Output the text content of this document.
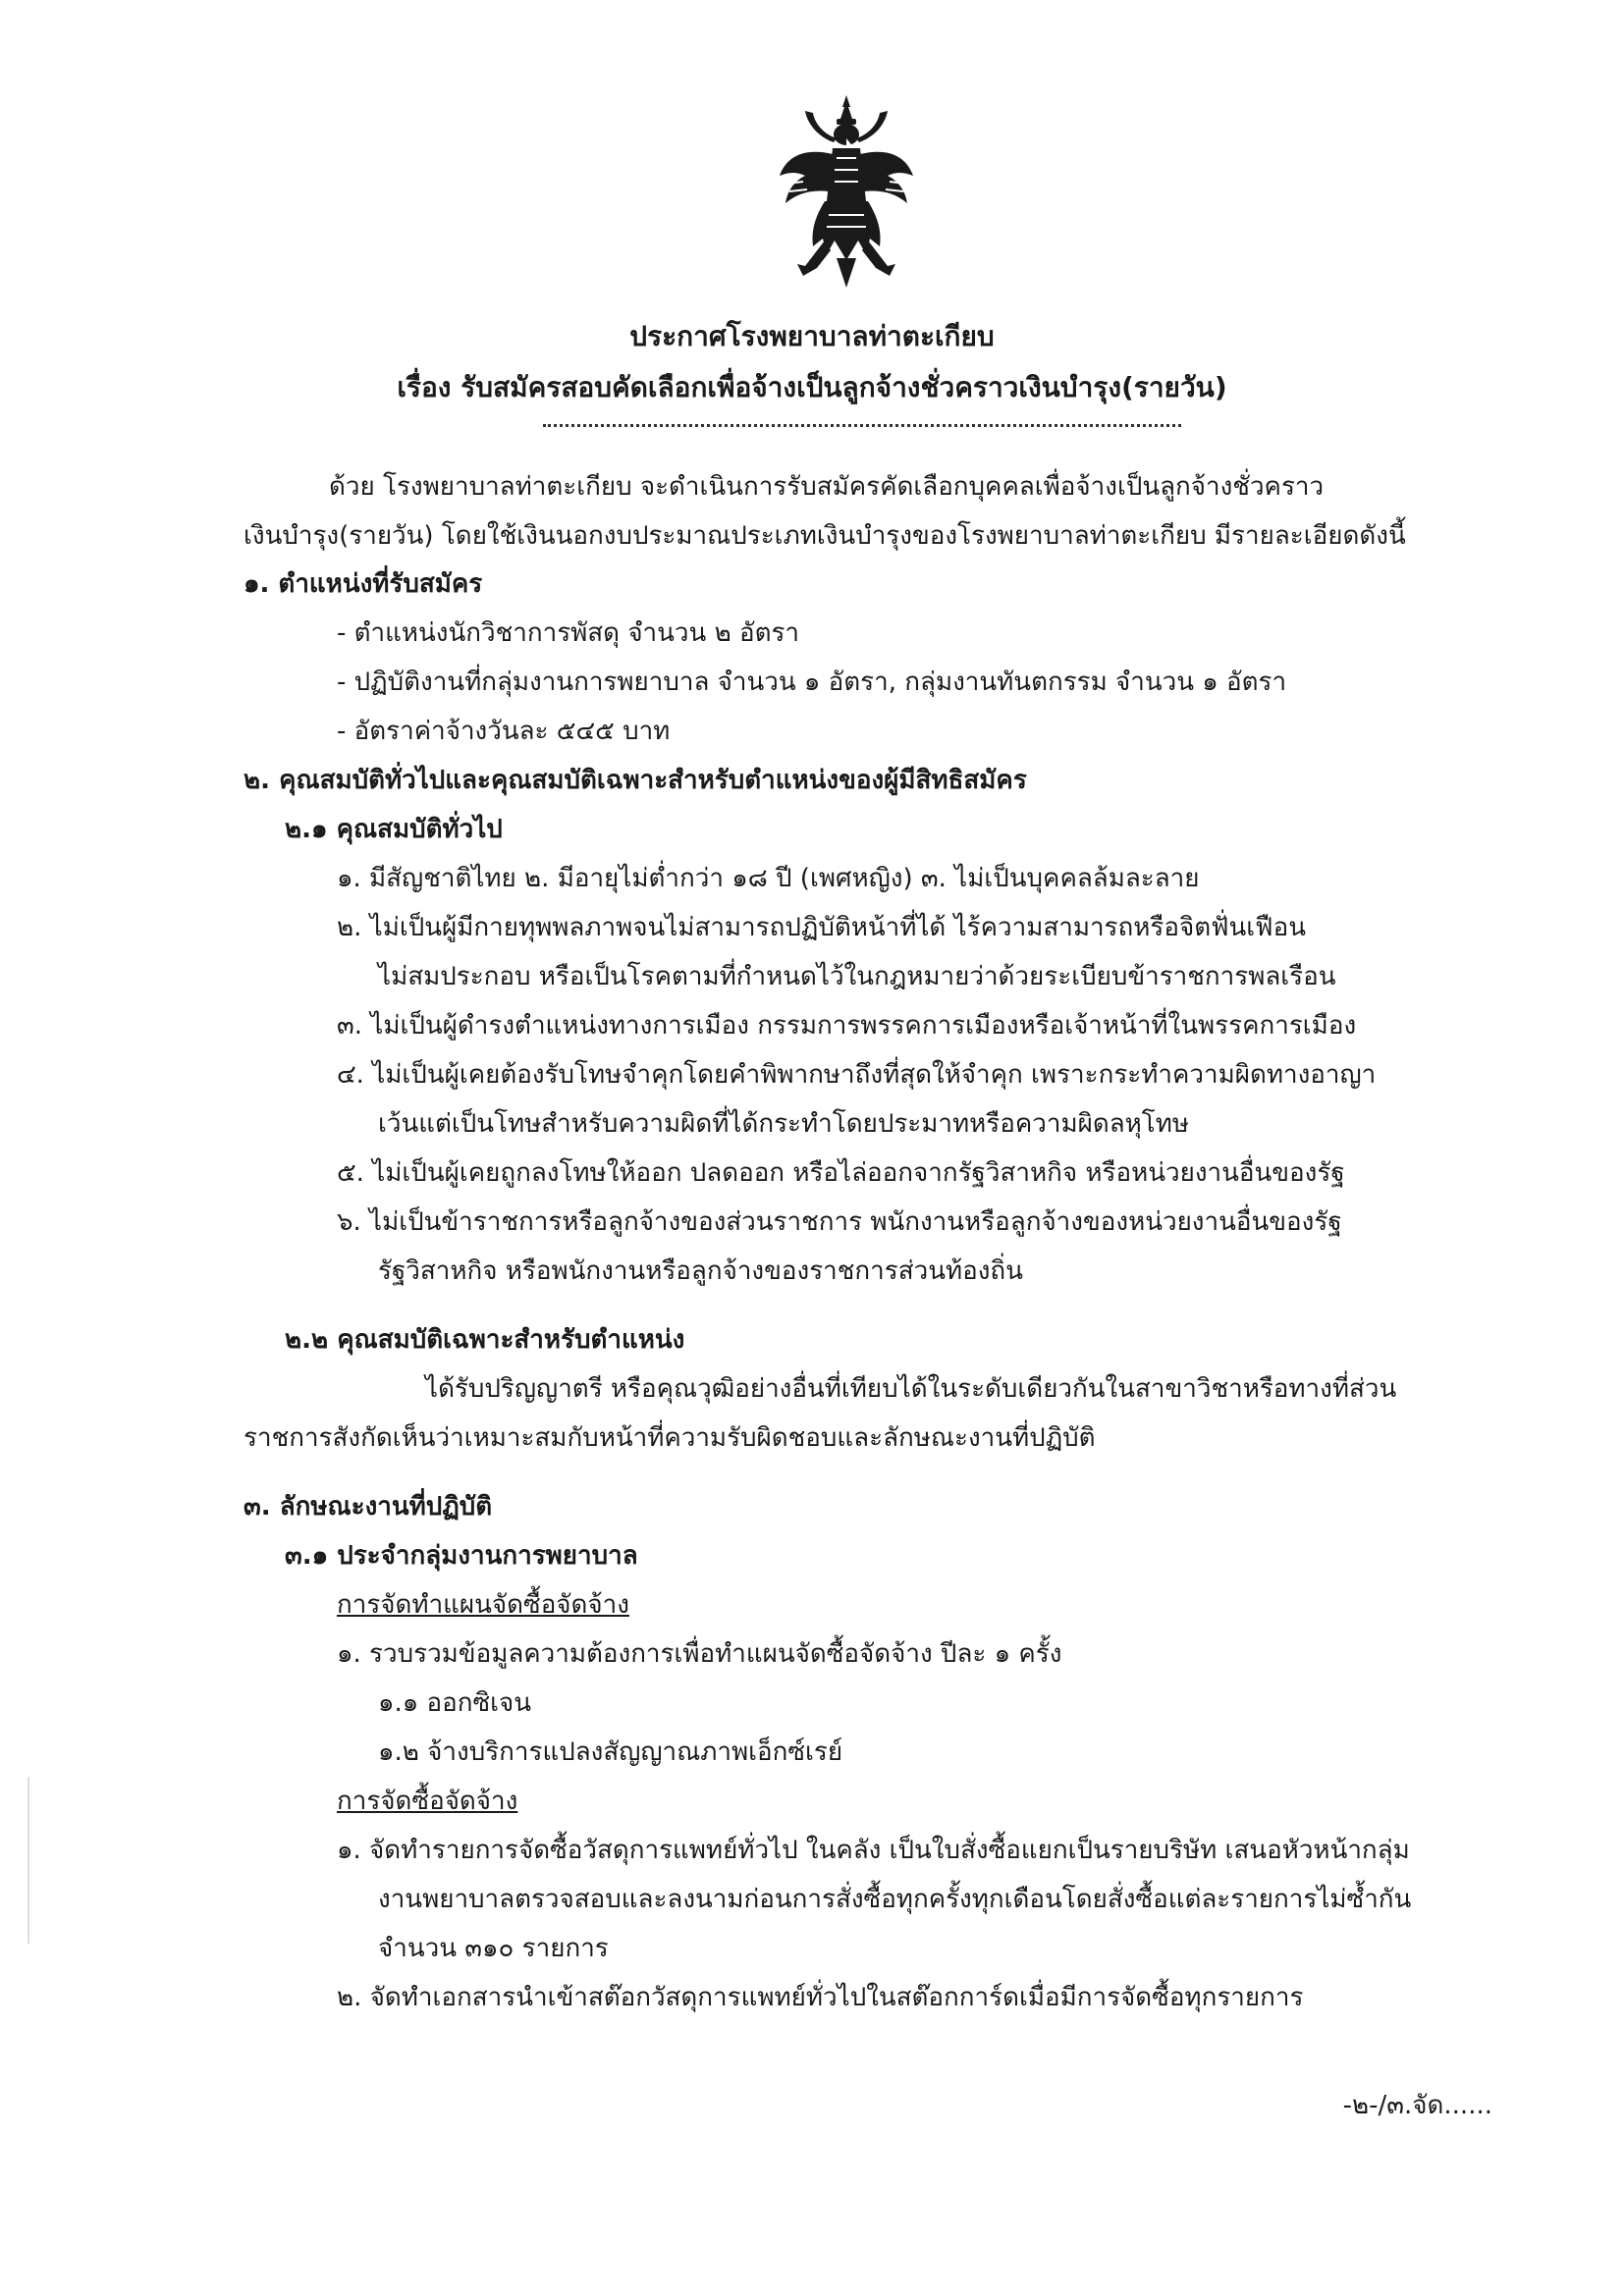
ประกาศโรงพยาบาลท่าตะเกียบ
เรื่อง รับสมัครสอบคัดเลือกเพื่อจ้างเป็นลูกจ้างชั่วคราวเงินบำรุง(รายวัน)
ด้วย โรงพยาบาลท่าตะเกียบ จะดำเนินการรับสมัครคัดเลือกบุคคลเพื่อจ้างเป็นลูกจ้างชั่วคราว
เงินบำรุง(รายวัน) โดยใช้เงินนอกงบประมาณประเภทเงินบำรุงของโรงพยาบาลท่าตะเกียบ มีรายละเอียดดังนี้
๑. ตำแหน่งที่รับสมัคร
- ตำแหน่งนักวิชาการพัสดุ จำนวน ๒ อัตรา
- ปฏิบัติงานที่กลุ่มงานการพยาบาล จำนวน ๑ อัตรา, กลุ่มงานทันตกรรม จำนวน ๑ อัตรา
- อัตราค่าจ้างวันละ ๕๔๕ บาท
๒. คุณสมบัติทั่วไปและคุณสมบัติเฉพาะสำหรับตำแหน่งของผู้มีสิทธิสมัคร
๒.๑ คุณสมบัติทั่วไป
๑. มีสัญชาติไทย ๒. มีอายุไม่ต่ำกว่า ๑๘ ปี (เพศหญิง) ๓. ไม่เป็นบุคคลล้มละลาย
๒. ไม่เป็นผู้มีกายทุพพลภาพจนไม่สามารถปฏิบัติหน้าที่ได้ ไร้ความสามารถหรือจิตฟั่นเฟือน
ไม่สมประกอบ หรือเป็นโรคตามที่กำหนดไว้ในกฎหมายว่าด้วยระเบียบข้าราชการพลเรือน
๓. ไม่เป็นผู้ดำรงตำแหน่งทางการเมือง กรรมการพรรคการเมืองหรือเจ้าหน้าที่ในพรรคการเมือง
๔. ไม่เป็นผู้เคยต้องรับโทษจำคุกโดยคำพิพากษาถึงที่สุดให้จำคุก เพราะกระทำความผิดทางอาญา
เว้นแต่เป็นโทษสำหรับความผิดที่ได้กระทำโดยประมาทหรือความผิดลหุโทษ
๕. ไม่เป็นผู้เคยถูกลงโทษให้ออก ปลดออก หรือไล่ออกจากรัฐวิสาหกิจ หรือหน่วยงานอื่นของรัฐ
๖. ไม่เป็นข้าราชการหรือลูกจ้างของส่วนราชการ พนักงานหรือลูกจ้างของหน่วยงานอื่นของรัฐ
รัฐวิสาหกิจ หรือพนักงานหรือลูกจ้างของราชการส่วนท้องถิ่น
๒.๒ คุณสมบัติเฉพาะสำหรับตำแหน่ง
ได้รับปริญญาตรี หรือคุณวุฒิอย่างอื่นที่เทียบได้ในระดับเดียวกันในสาขาวิชาหรือทางที่ส่วน
ราชการสังกัดเห็นว่าเหมาะสมกับหน้าที่ความรับผิดชอบและลักษณะงานที่ปฏิบัติ
๓. ลักษณะงานที่ปฏิบัติ
๓.๑ ประจำกลุ่มงานการพยาบาล
การจัดทำแผนจัดซื้อจัดจ้าง
๑. รวบรวมข้อมูลความต้องการเพื่อทำแผนจัดซื้อจัดจ้าง ปีละ ๑ ครั้ง
๑.๑ ออกซิเจน
๑.๒ จ้างบริการแปลงสัญญาณภาพเอ็กซ์เรย์
การจัดซื้อจัดจ้าง
๑. จัดทำรายการจัดซื้อวัสดุการแพทย์ทั่วไป ในคลัง เป็นใบสั่งซื้อแยกเป็นรายบริษัท เสนอหัวหน้ากลุ่ม
งานพยาบาลตรวจสอบและลงนามก่อนการสั่งซื้อทุกครั้งทุกเดือนโดยสั่งซื้อแต่ละรายการไม่ซ้ำกัน
จำนวน ๓๑๐ รายการ
๒. จัดทำเอกสารนำเข้าสต๊อกวัสดุการแพทย์ทั่วไปในสต๊อกการ์ดเมื่อมีการจัดซื้อทุกรายการ
-๒-/๓.จัด......
